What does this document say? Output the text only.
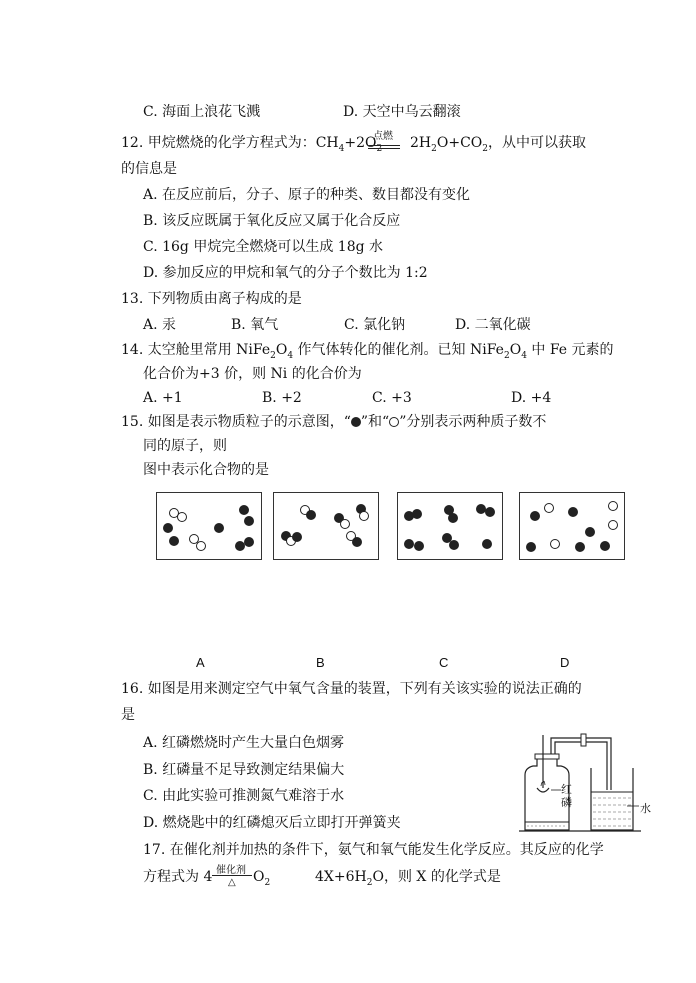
C. 海面上浪花飞溅	D. 天空中乌云翻滚
12. 甲烷燃烧的化学方程式为：$CH_4+2O_2$
点燃 $2H_2O+CO_2$，从中可以获取
的信息是
A. 在反应前后，分子、原子的种类、数目都没有变化
B. 该反应既属于氧化反应又属于化合反应
C. 16g 甲烷完全燃烧可以生成 18g 水
D. 参加反应的甲烷和氧气的分子个数比为 1:2
13. 下列物质由离子构成的是
A. 汞	B. 氧气	C. 氯化钠	D. 二氧化碳
14. 太空舱里常用 $NiFe_2O_4$ 作气体转化的催化剂。已知 $NiFe_2O_4$ 中 Fe 元素的
化合价为+3 价，则 Ni 的化合价为
A. +1	B. +2	C. +3	D. +4
15. 如图是表示物质粒子的示意图，“ ”和“ ”分别表示两种质子数不
同的原子，则
图中表示化合物的是
A	B	C	D
16. 如图是用来测定空气中氧气含量的装置，下列有关该实验的说法正确的
是
A. 红磷燃烧时产生大量白色烟雾
B. 红磷量不足导致测定结果偏大
C. 由此实验可推测氮气难溶于水
D. 燃烧匙中的红磷熄灭后立即打开弹簧夹
红磷	水
17. 在催化剂并加热的条件下，氨气和氧气能发生化学反应。其反应的化学
方程式为 4 催化剂
△ $O_2$	$4X+6H_2O$，则 X 的化学式是
